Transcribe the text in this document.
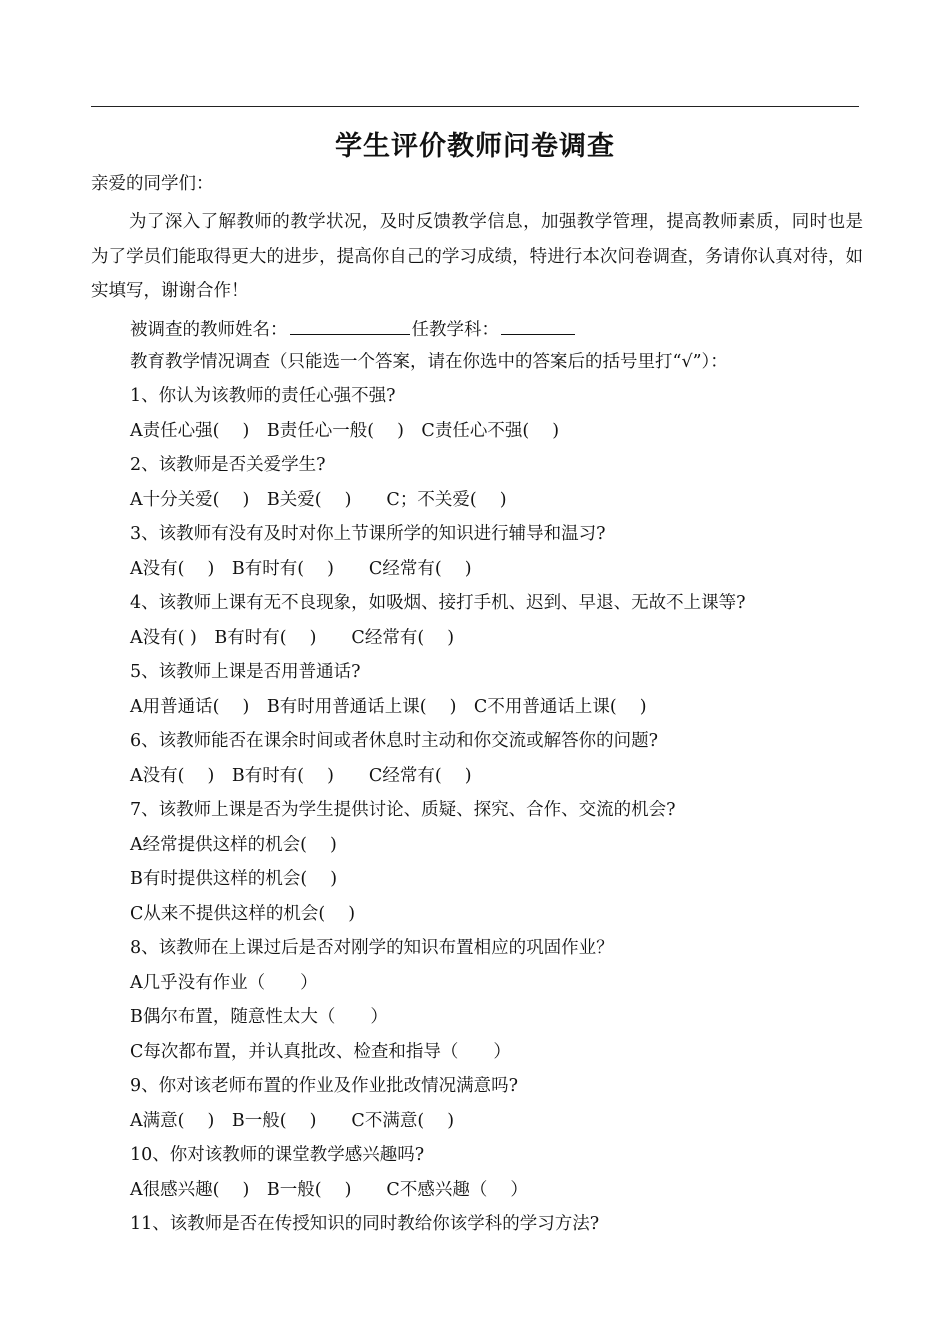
学生评价教师问卷调查
亲爱的同学们：
为了深入了解教师的教学状况，及时反馈教学信息，加强教学管理，提高教师素质，同时也是为了学员们能取得更大的进步，提高你自己的学习成绩，特进行本次问卷调查，务请你认真对待，如实填写，谢谢合作！
被调查的教师姓名：	任教学科：
教育教学情况调查（只能选一个答案，请在你选中的答案后的括号里打“√”）：
1、你认为该教师的责任心强不强?
A责任心强(　 )　B责任心一般(　 )　C责任心不强(　 )
2、该教师是否关爱学生?
A十分关爱(　 )　B关爱(　 )　　C；不关爱(　 )
3、该教师有没有及时对你上节课所学的知识进行辅导和温习?
A没有(　 )　B有时有(　 )　　C经常有(　 )
4、该教师上课有无不良现象，如吸烟、接打手机、迟到、早退、无故不上课等?
A没有( )　B有时有(　 )　　C经常有(　 )
5、该教师上课是否用普通话?
A用普通话(　 )　B有时用普通话上课(　 )　C不用普通话上课(　 )
6、该教师能否在课余时间或者休息时主动和你交流或解答你的问题?
A没有(　 )　B有时有(　 )　　C经常有(　 )
7、该教师上课是否为学生提供讨论、质疑、探究、合作、交流的机会?
A经常提供这样的机会(　 )
B有时提供这样的机会(　 )
C从来不提供这样的机会(　 )
8、该教师在上课过后是否对刚学的知识布置相应的巩固作业？
A几乎没有作业（　　）
B偶尔布置，随意性太大（　　）
C每次都布置，并认真批改、检查和指导（　　）
9、你对该老师布置的作业及作业批改情况满意吗?
A满意(　 )　B一般(　 )　　C不满意(　 )
10、你对该教师的课堂教学感兴趣吗?
A很感兴趣(　 )　B一般(　 )　　C不感兴趣（　 ）
11、该教师是否在传授知识的同时教给你该学科的学习方法?
